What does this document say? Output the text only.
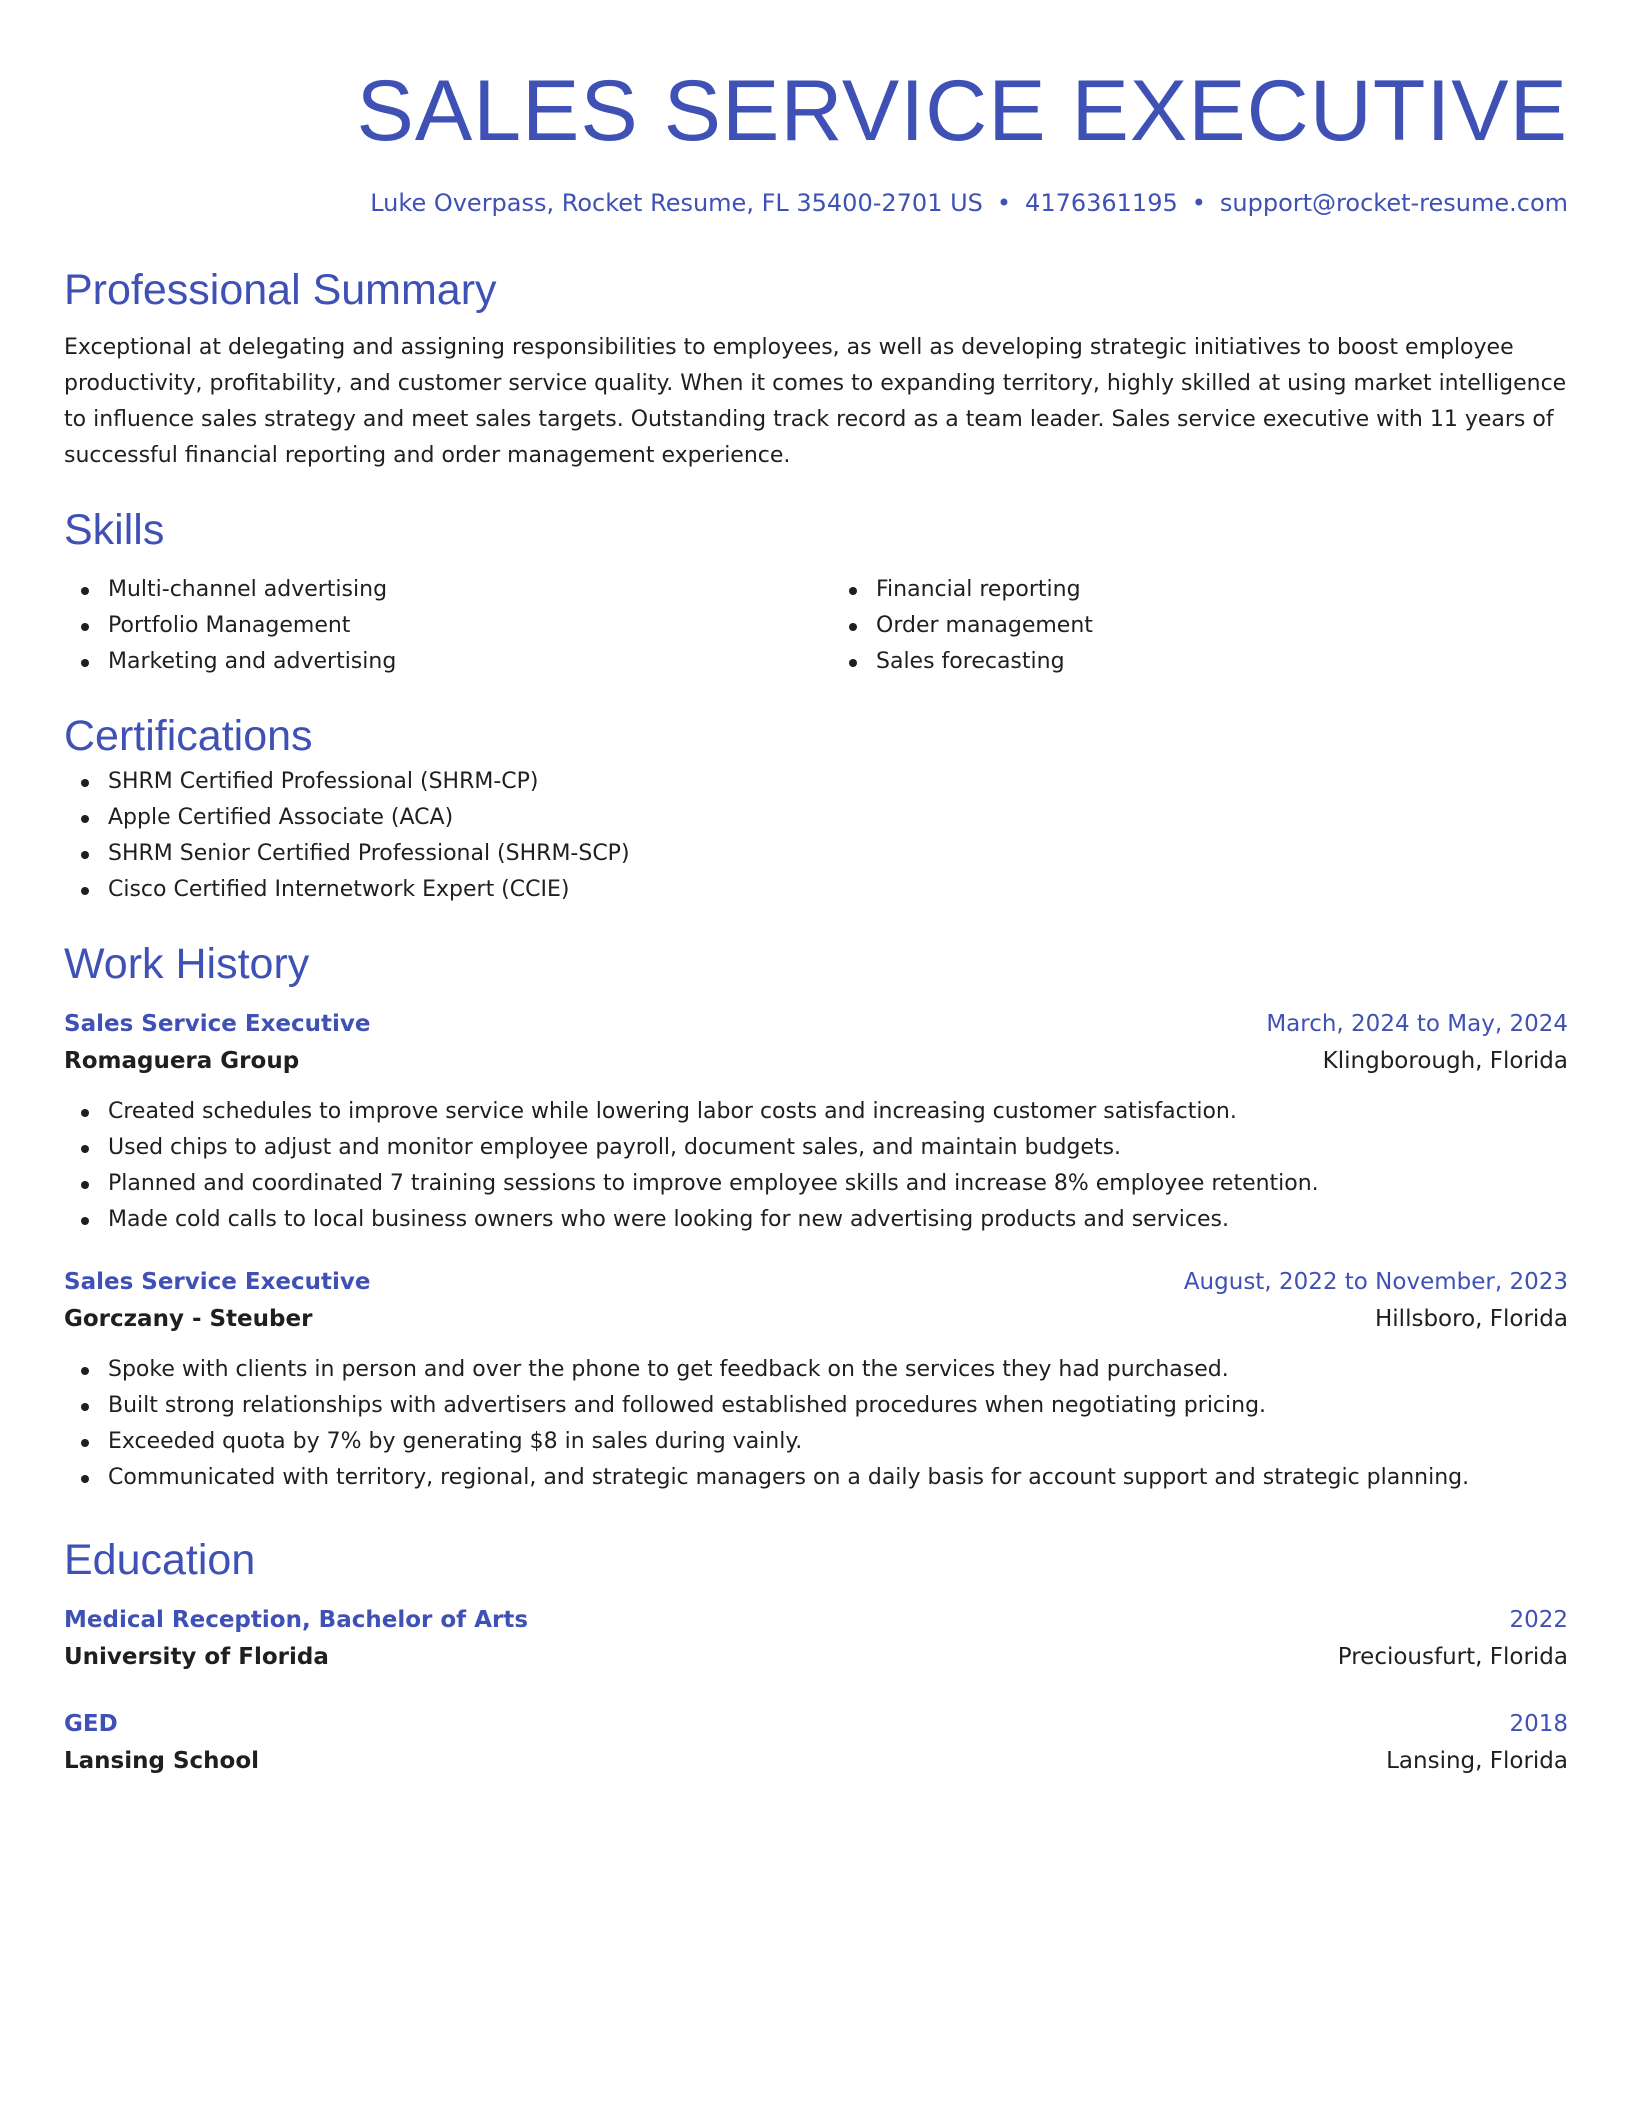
SALES SERVICE EXECUTIVE
Luke Overpass, Rocket Resume, FL 35400-2701 US • 4176361195 • support@rocket-resume.com
Professional Summary

Exceptional at delegating and assigning responsibilities to employees, as well as developing strategic initiatives to boost employee productivity, profitability, and customer service quality. When it comes to expanding territory, highly skilled at using market intelligence to influence sales strategy and meet sales targets. Outstanding track record as a team leader. Sales service executive with 11 years of successful financial reporting and order management experience.

Skills
Multi-channel advertising
Portfolio Management
Marketing and advertising
Financial reporting
Order management
Sales forecasting
Certifications
SHRM Certified Professional (SHRM-CP)
Apple Certified Associate (ACA)
SHRM Senior Certified Professional (SHRM-SCP)
Cisco Certified Internetwork Expert (CCIE)
Work History
Sales Service Executive	March, 2024 to May, 2024
Romaguera Group	Klingborough, Florida
Created schedules to improve service while lowering labor costs and increasing customer satisfaction.
Used chips to adjust and monitor employee payroll, document sales, and maintain budgets.
Planned and coordinated 7 training sessions to improve employee skills and increase 8% employee retention.
Made cold calls to local business owners who were looking for new advertising products and services.
Sales Service Executive	August, 2022 to November, 2023
Gorczany - Steuber	Hillsboro, Florida
Spoke with clients in person and over the phone to get feedback on the services they had purchased.
Built strong relationships with advertisers and followed established procedures when negotiating pricing.
Exceeded quota by 7% by generating $8 in sales during vainly.
Communicated with territory, regional, and strategic managers on a daily basis for account support and strategic planning.
Education
Medical Reception, Bachelor of Arts	2022
University of Florida	Preciousfurt, Florida
GED	2018
Lansing School	Lansing, Florida
